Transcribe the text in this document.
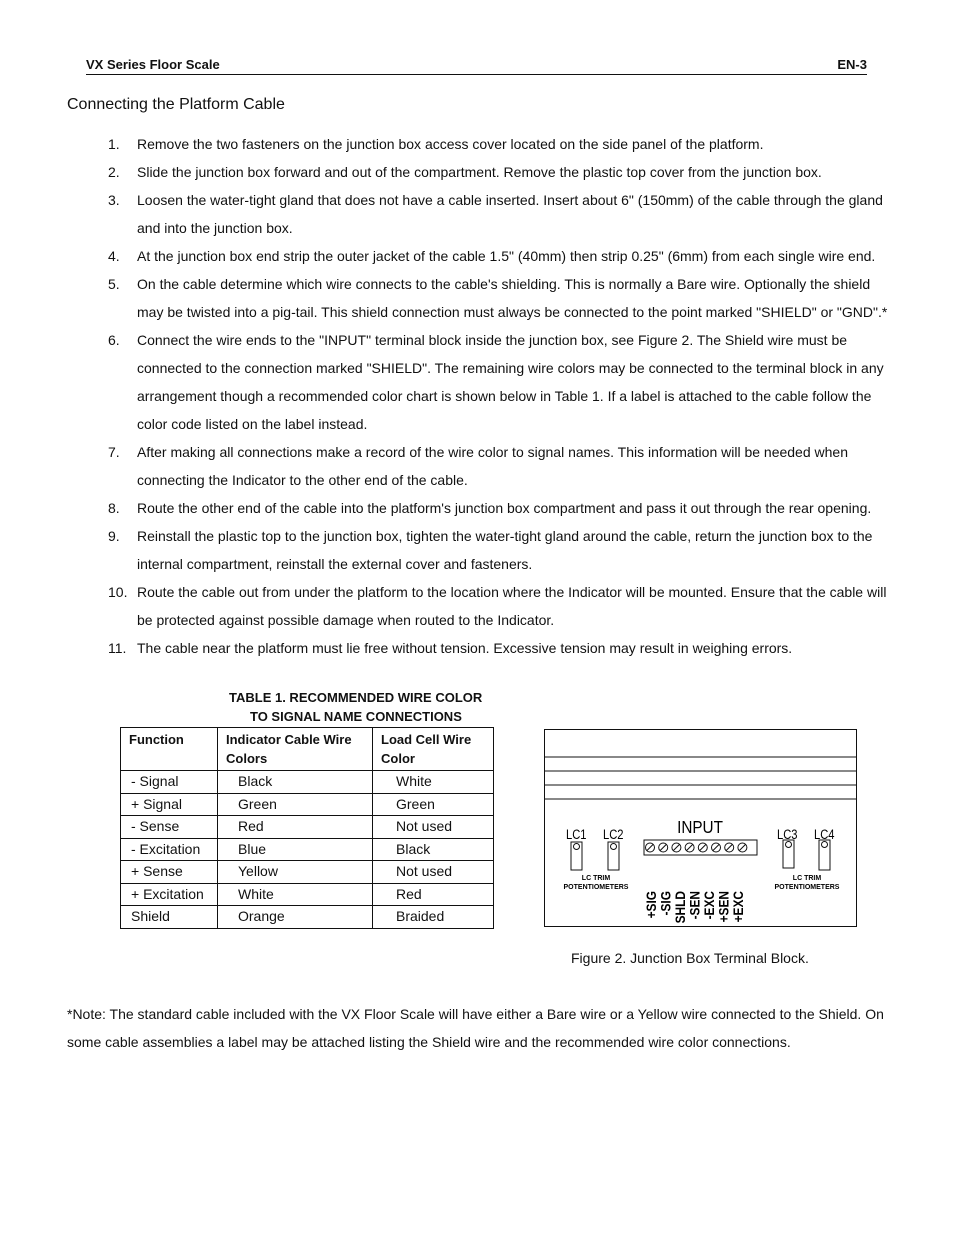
VX Series Floor Scale	EN-3
Connecting the Platform Cable
1.	Remove the two fasteners on the junction box access cover located on the side panel of the platform.
2.	Slide the junction box forward and out of the compartment. Remove the plastic top cover from the junction box.
3.	Loosen the water-tight gland that does not have a cable inserted. Insert about 6" (150mm) of the cable through the gland and into the junction box.
4.	At the junction box end strip the outer jacket of the cable 1.5" (40mm) then strip 0.25" (6mm) from each single wire end.
5.	On the cable determine which wire connects to the cable's shielding. This is normally a Bare wire. Optionally the shield may be twisted into a pig-tail. This shield connection must always be connected to the point marked "SHIELD" or "GND".*
6.	Connect the wire ends to the "INPUT" terminal block inside the junction box, see Figure 2. The Shield wire must be connected to the connection marked "SHIELD". The remaining wire colors may be connected to the terminal block in any arrangement though a recommended color chart is shown below in Table 1. If a label is attached to the cable follow the color code listed on the label instead.
7.	After making all connections make a record of the wire color to signal names. This information will be needed when connecting the Indicator to the other end of the cable.
8.	Route the other end of the cable into the platform's junction box compartment and pass it out through the rear opening.
9.	Reinstall the plastic top to the junction box, tighten the water-tight gland around the cable, return the junction box to the internal compartment, reinstall the external cover and fasteners.
10. Route the cable out from under the platform to the location where the Indicator will be mounted. Ensure that the cable will be protected against possible damage when routed to the Indicator.
11. The cable near the platform must lie free without tension. Excessive tension may result in weighing errors.
TABLE 1. RECOMMENDED WIRE COLOR
TO SIGNAL NAME CONNECTIONS
Function	Indicator Cable Wire Colors	Load Cell Wire Color
- Signal	Black	White
+ Signal	Green	Green
- Sense	Red	Not used
- Excitation	Blue	Black
+ Sense	Yellow	Not used
+ Excitation	White	Red
Shield	Orange	Braided
LC1 LC2	LC3 LC4
LC TRIM
POTENTIOMETERS
LC TRIM
POTENTIOMETERS
INPUT
+SIG
-SIG
SHLD
-SEN
-EXC
+SEN
+EXC
Figure 2. Junction Box Terminal Block.

*Note: The standard cable included with the VX Floor Scale will have either a Bare wire or a Yellow wire connected to the Shield. On some cable assemblies a label may be attached listing the Shield wire and the recommended wire color connections.
